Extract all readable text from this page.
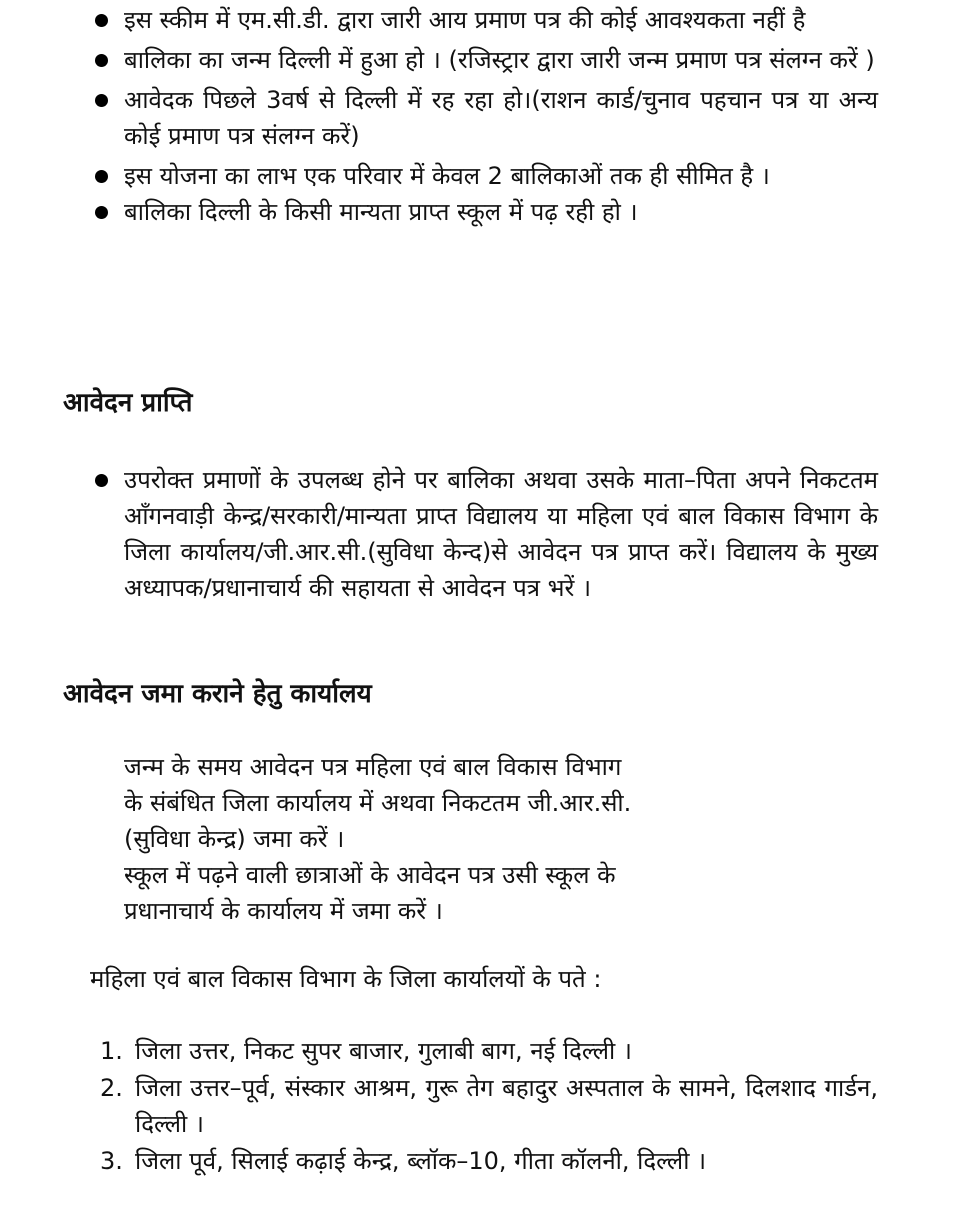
इस स्कीम में एम.सी.डी. द्वारा जारी आय प्रमाण पत्र की कोई आवश्यकता नहीं है
बालिका का जन्म दिल्ली में हुआ हो । (रजिस्ट्रार द्वारा जारी जन्म प्रमाण पत्र संलग्न करें )
आवेदक पिछले 3वर्ष से दिल्ली में रह रहा हो।(राशन कार्ड/चुनाव पहचान पत्र या अन्य कोई प्रमाण पत्र संलग्न करें)
इस योजना का लाभ एक परिवार में केवल 2 बालिकाओं तक ही सीमित है ।
बालिका दिल्ली के किसी मान्यता प्राप्त स्कूल में पढ़ रही हो ।
आवेदन प्राप्ति
उपरोक्त प्रमाणों के उपलब्ध होने पर बालिका अथवा उसके माता–पिता अपने निकटतम आँगनवाड़ी केन्द्र/सरकारी/मान्यता प्राप्त विद्यालय या महिला एवं बाल विकास विभाग के जिला कार्यालय/जी.आर.सी.(सुविधा केन्द)से आवेदन पत्र प्राप्त करें। विद्यालय के मुख्य अध्यापक/प्रधानाचार्य की सहायता से आवेदन पत्र भरें ।
आवेदन जमा कराने हेतु कार्यालय

जन्म के समय आवेदन पत्र महिला एवं बाल विकास विभाग

के संबंधित जिला कार्यालय में अथवा निकटतम जी.आर.सी.

(सुविधा केन्द्र) जमा करें ।

स्कूल में पढ़ने वाली छात्राओं के आवेदन पत्र उसी स्कूल के

प्रधानाचार्य के कार्यालय में जमा करें ।

महिला एवं बाल विकास विभाग के जिला कार्यालयों के पते :

1. जिला उत्तर, निकट सुपर बाजार, गुलाबी बाग, नई दिल्ली ।
2. जिला उत्तर–पूर्व, संस्कार आश्रम, गुरू तेग बहादुर अस्पताल के सामने, दिलशाद गार्डन, दिल्ली ।
3. जिला पूर्व, सिलाई कढ़ाई केन्द्र, ब्लॉक–10, गीता कॉलनी, दिल्ली ।
